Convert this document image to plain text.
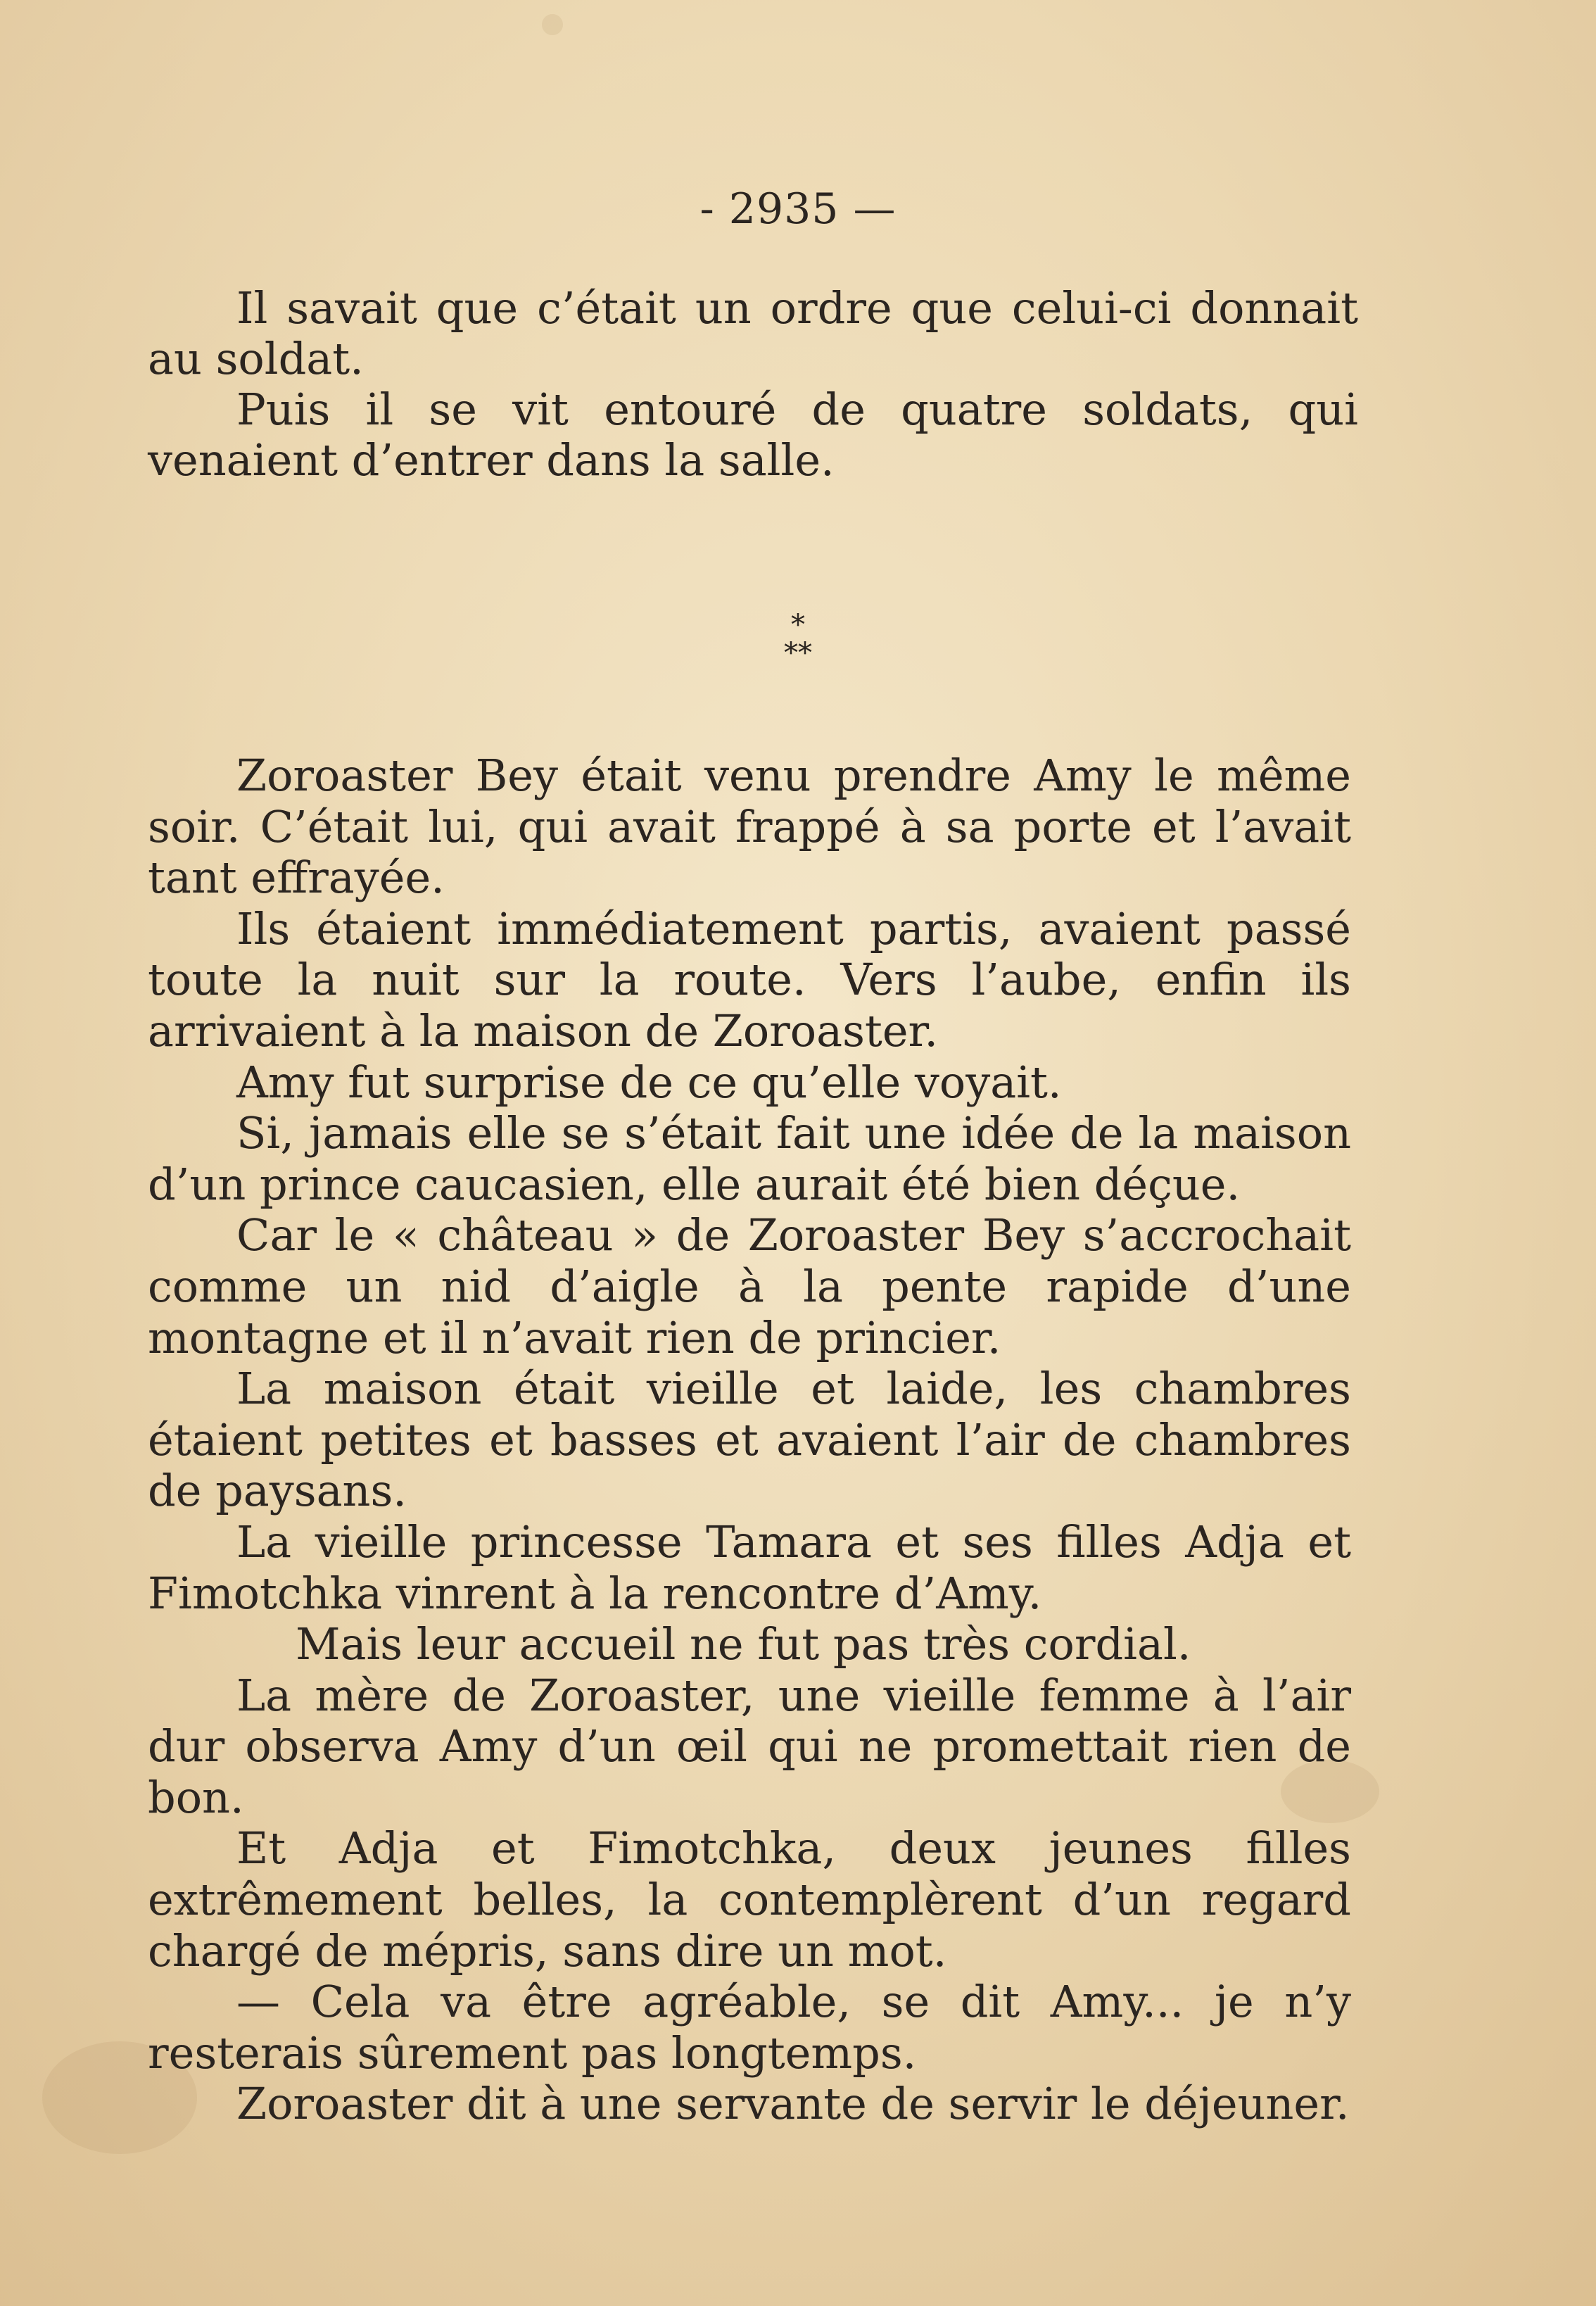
- 2935 —

Il savait que c’était un ordre que celui-ci donnait au soldat.

Puis il se vit entouré de quatre soldats, qui venaient d’entrer dans la salle.

*
**

Zoroaster Bey était venu prendre Amy le même soir. C’était lui, qui avait frappé à sa porte et l’avait tant effrayée.

Ils étaient immédiatement partis, avaient passé toute la nuit sur la route. Vers l’aube, enfin ils arrivaient à la maison de Zoroaster.

Amy fut surprise de ce qu’elle voyait.

Si, jamais elle se s’était fait une idée de la maison d’un prince caucasien, elle aurait été bien déçue.

Car le « château » de Zoroaster Bey s’accrochait comme un nid d’aigle à la pente rapide d’une montagne et il n’avait rien de princier.

La maison était vieille et laide, les chambres étaient petites et basses et avaient l’air de chambres de paysans.

La vieille princesse Tamara et ses filles Adja et Fimotchka vinrent à la rencontre d’Amy.

Mais leur accueil ne fut pas très cordial.

La mère de Zoroaster, une vieille femme à l’air dur observa Amy d’un œil qui ne promettait rien de bon.

Et Adja et Fimotchka, deux jeunes filles extrêmement belles, la contemplèrent d’un regard chargé de mépris, sans dire un mot.

— Cela va être agréable, se dit Amy... je n’y resterais sûrement pas longtemps.

Zoroaster dit à une servante de servir le déjeuner.
